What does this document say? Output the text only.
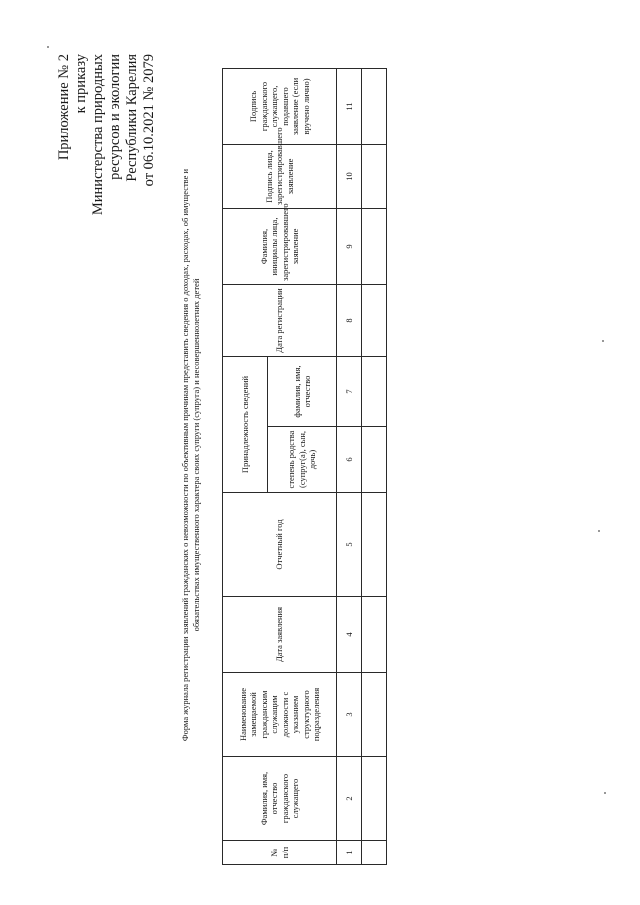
Приложение № 2 к приказу Министерства природных ресурсов и экологии Республики Карелия от 06.10.2021 № 2079
Форма журнала регистрации заявлений гражданских о невозможности по объективным причинам представить сведения о доходах, расходах, об имуществе и обязательствах имущественного характера своих супруги (супруга) и несовершеннолетних детей
№ п/п	Фамилия, имя, отчество гражданского служащего	Наименование замещаемой гражданским служащим должности с указанием структурного подразделения	Дата заявления	Отчетный год	Принадлежность сведений		Дата регистрации	Фамилия, инициалы лица, зарегистрировавшего заявление	Подпись лица, зарегистрировавшего заявление	Подпись гражданского служащего, подавшего заявление (если вручено лично)
					степень родства (супруг(а), сын, дочь)	фамилия, имя, отчество				
1	2	3	4	5	6	7	8	9	10	11
